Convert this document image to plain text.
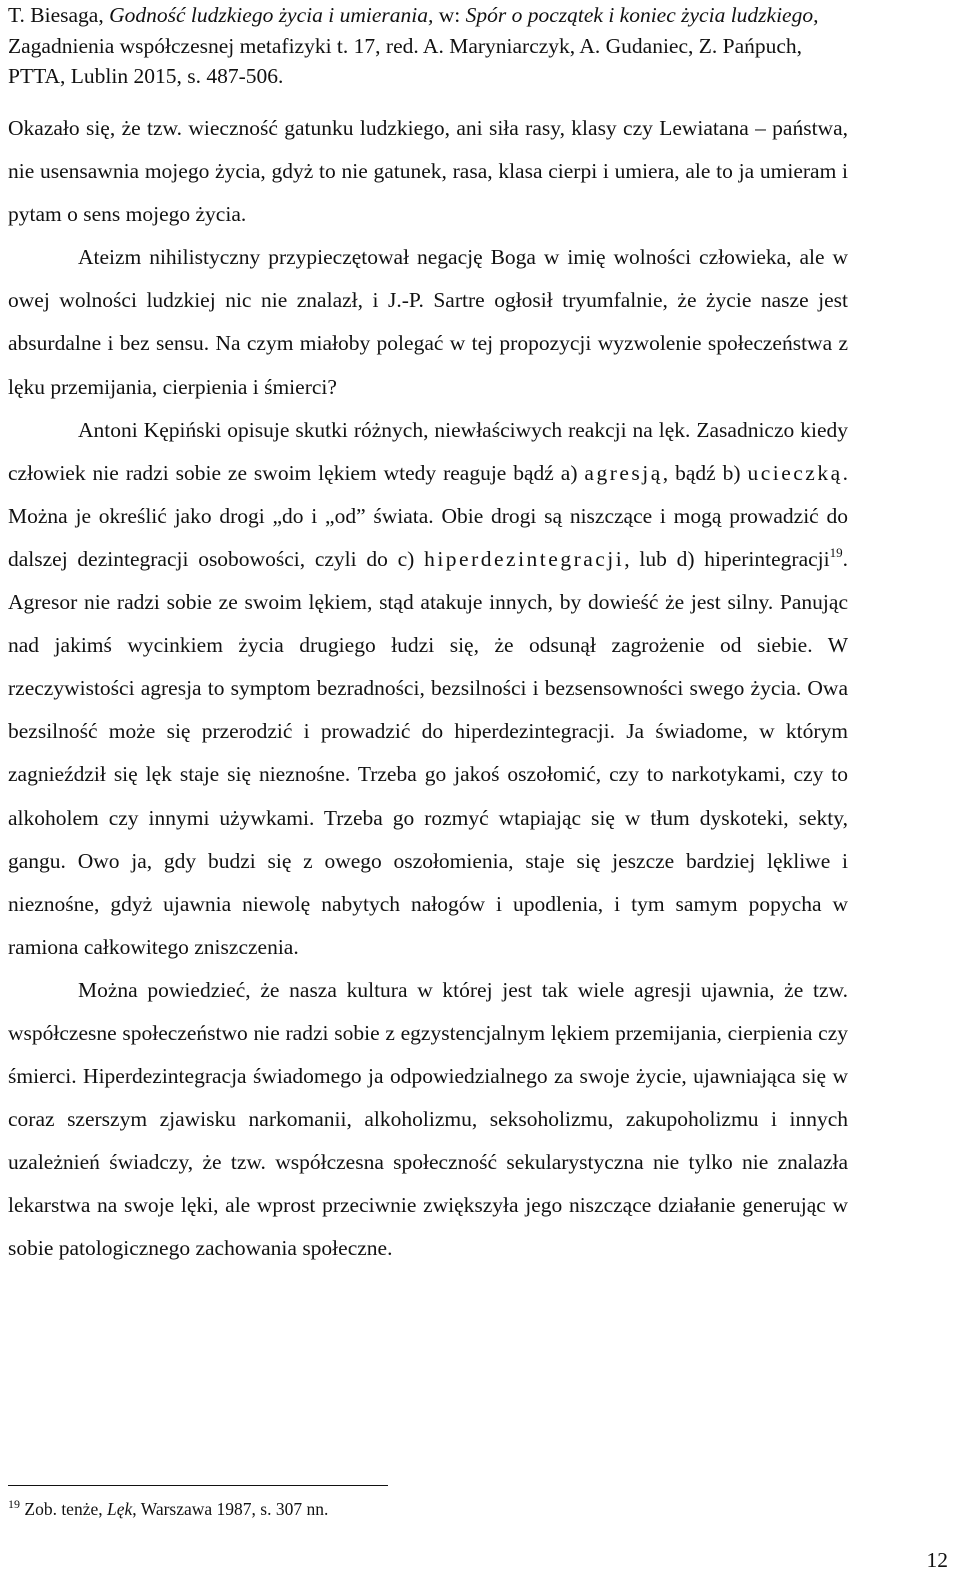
T. Biesaga, Godność ludzkiego życia i umierania, w: Spór o początek i koniec życia ludzkiego,
Zagadnienia współczesnej metafizyki t. 17, red. A. Maryniarczyk, A. Gudaniec, Z. Pańpuch,
PTTA, Lublin 2015, s. 487-506.

Okazało się, że tzw. wieczność gatunku ludzkiego, ani siła rasy, klasy czy Lewiatana – państwa, nie usensawnia mojego życia, gdyż to nie gatunek, rasa, klasa cierpi i umiera, ale to ja umieram i pytam o sens mojego życia.

Ateizm nihilistyczny przypieczętował negację Boga w imię wolności człowieka, ale w owej wolności ludzkiej nic nie znalazł, i J.-P. Sartre ogłosił tryumfalnie, że życie nasze jest absurdalne i bez sensu. Na czym miałoby polegać w tej propozycji wyzwolenie społeczeństwa z lęku przemijania, cierpienia i śmierci?

Antoni Kępiński opisuje skutki różnych, niewłaściwych reakcji na lęk. Zasadniczo kiedy człowiek nie radzi sobie ze swoim lękiem wtedy reaguje bądź a) agresją, bądź b) ucieczką. Można je określić jako drogi „do i „od” świata. Obie drogi są niszczące i mogą prowadzić do dalszej dezintegracji osobowości, czyli do c) hiperdezintegracji, lub d) hiperintegracji$^{19}$. Agresor nie radzi sobie ze swoim lękiem, stąd atakuje innych, by dowieść że jest silny. Panując nad jakimś wycinkiem życia drugiego łudzi się, że odsunął zagrożenie od siebie. W rzeczywistości agresja to symptom bezradności, bezsilności i bezsensowności swego życia. Owa bezsilność może się przerodzić i prowadzić do hiperdezintegracji. Ja świadome, w którym zagnieździł się lęk staje się nieznośne. Trzeba go jakoś oszołomić, czy to narkotykami, czy to alkoholem czy innymi używkami. Trzeba go rozmyć wtapiając się w tłum dyskoteki, sekty, gangu. Owo ja, gdy budzi się z owego oszołomienia, staje się jeszcze bardziej lękliwe i nieznośne, gdyż ujawnia niewolę nabytych nałogów i upodlenia, i tym samym popycha w ramiona całkowitego zniszczenia.

Można powiedzieć, że nasza kultura w której jest tak wiele agresji ujawnia, że tzw. współczesne społeczeństwo nie radzi sobie z egzystencjalnym lękiem przemijania, cierpienia czy śmierci. Hiperdezintegracja świadomego ja odpowiedzialnego za swoje życie, ujawniająca się w coraz szerszym zjawisku narkomanii, alkoholizmu, seksoholizmu, zakupoholizmu i innych uzależnień świadczy, że tzw. współczesna społeczność sekularystyczna nie tylko nie znalazła lekarstwa na swoje lęki, ale wprost przeciwnie zwiększyła jego niszczące działanie generując w sobie patologicznego zachowania społeczne.

$^{19}$ Zob. tenże, Lęk, Warszawa 1987, s. 307 nn.
12
